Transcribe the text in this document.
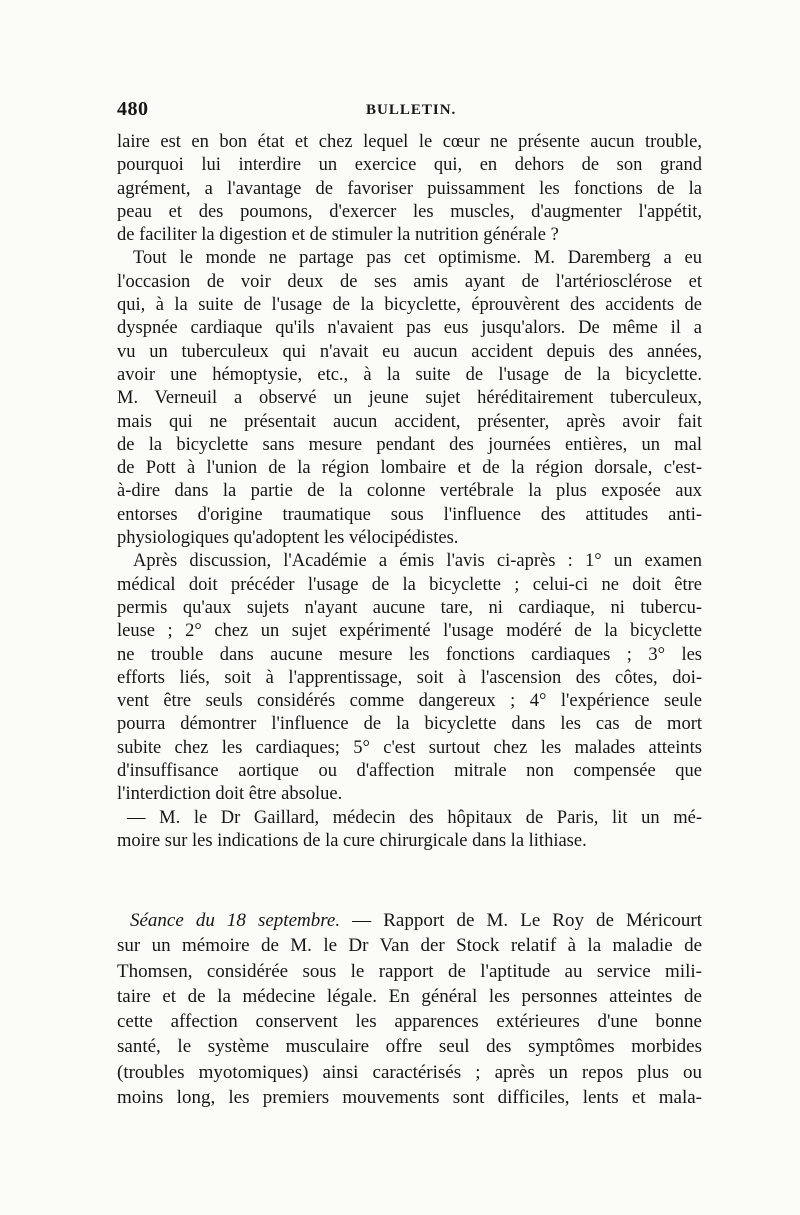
480	BULLETIN.
laire est en bon état et chez lequel le cœur ne présente aucun trouble,
pourquoi lui interdire un exercice qui, en dehors de son grand
agrément, a l'avantage de favoriser puissamment les fonctions de la
peau et des poumons, d'exercer les muscles, d'augmenter l'appétit,
de faciliter la digestion et de stimuler la nutrition générale ?
Tout le monde ne partage pas cet optimisme. M. Daremberg a eu
l'occasion de voir deux de ses amis ayant de l'artériosclérose et
qui, à la suite de l'usage de la bicyclette, éprouvèrent des accidents de
dyspnée cardiaque qu'ils n'avaient pas eus jusqu'alors. De même il a
vu un tuberculeux qui n'avait eu aucun accident depuis des années,
avoir une hémoptysie, etc., à la suite de l'usage de la bicyclette.
M. Verneuil a observé un jeune sujet héréditairement tuberculeux,
mais qui ne présentait aucun accident, présenter, après avoir fait
de la bicyclette sans mesure pendant des journées entières, un mal
de Pott à l'union de la région lombaire et de la région dorsale, c'est-
à-dire dans la partie de la colonne vertébrale la plus exposée aux
entorses d'origine traumatique sous l'influence des attitudes anti-
physiologiques qu'adoptent les vélocipédistes.
Après discussion, l'Académie a émis l'avis ci-après : 1° un examen
médical doit précéder l'usage de la bicyclette ; celui-ci ne doit être
permis qu'aux sujets n'ayant aucune tare, ni cardiaque, ni tubercu-
leuse ; 2° chez un sujet expérimenté l'usage modéré de la bicyclette
ne trouble dans aucune mesure les fonctions cardiaques ; 3° les
efforts liés, soit à l'apprentissage, soit à l'ascension des côtes, doi-
vent être seuls considérés comme dangereux ; 4° l'expérience seule
pourra démontrer l'influence de la bicyclette dans les cas de mort
subite chez les cardiaques; 5° c'est surtout chez les malades atteints
d'insuffisance aortique ou d'affection mitrale non compensée que
l'interdiction doit être absolue.
— M. le Dr Gaillard, médecin des hôpitaux de Paris, lit un mé-
moire sur les indications de la cure chirurgicale dans la lithiase.
Séance du 18 septembre. — Rapport de M. Le Roy de Méricourt
sur un mémoire de M. le Dr Van der Stock relatif à la maladie de
Thomsen, considérée sous le rapport de l'aptitude au service mili-
taire et de la médecine légale. En général les personnes atteintes de
cette affection conservent les apparences extérieures d'une bonne
santé, le système musculaire offre seul des symptômes morbides
(troubles myotomiques) ainsi caractérisés ; après un repos plus ou
moins long, les premiers mouvements sont difficiles, lents et mala-
